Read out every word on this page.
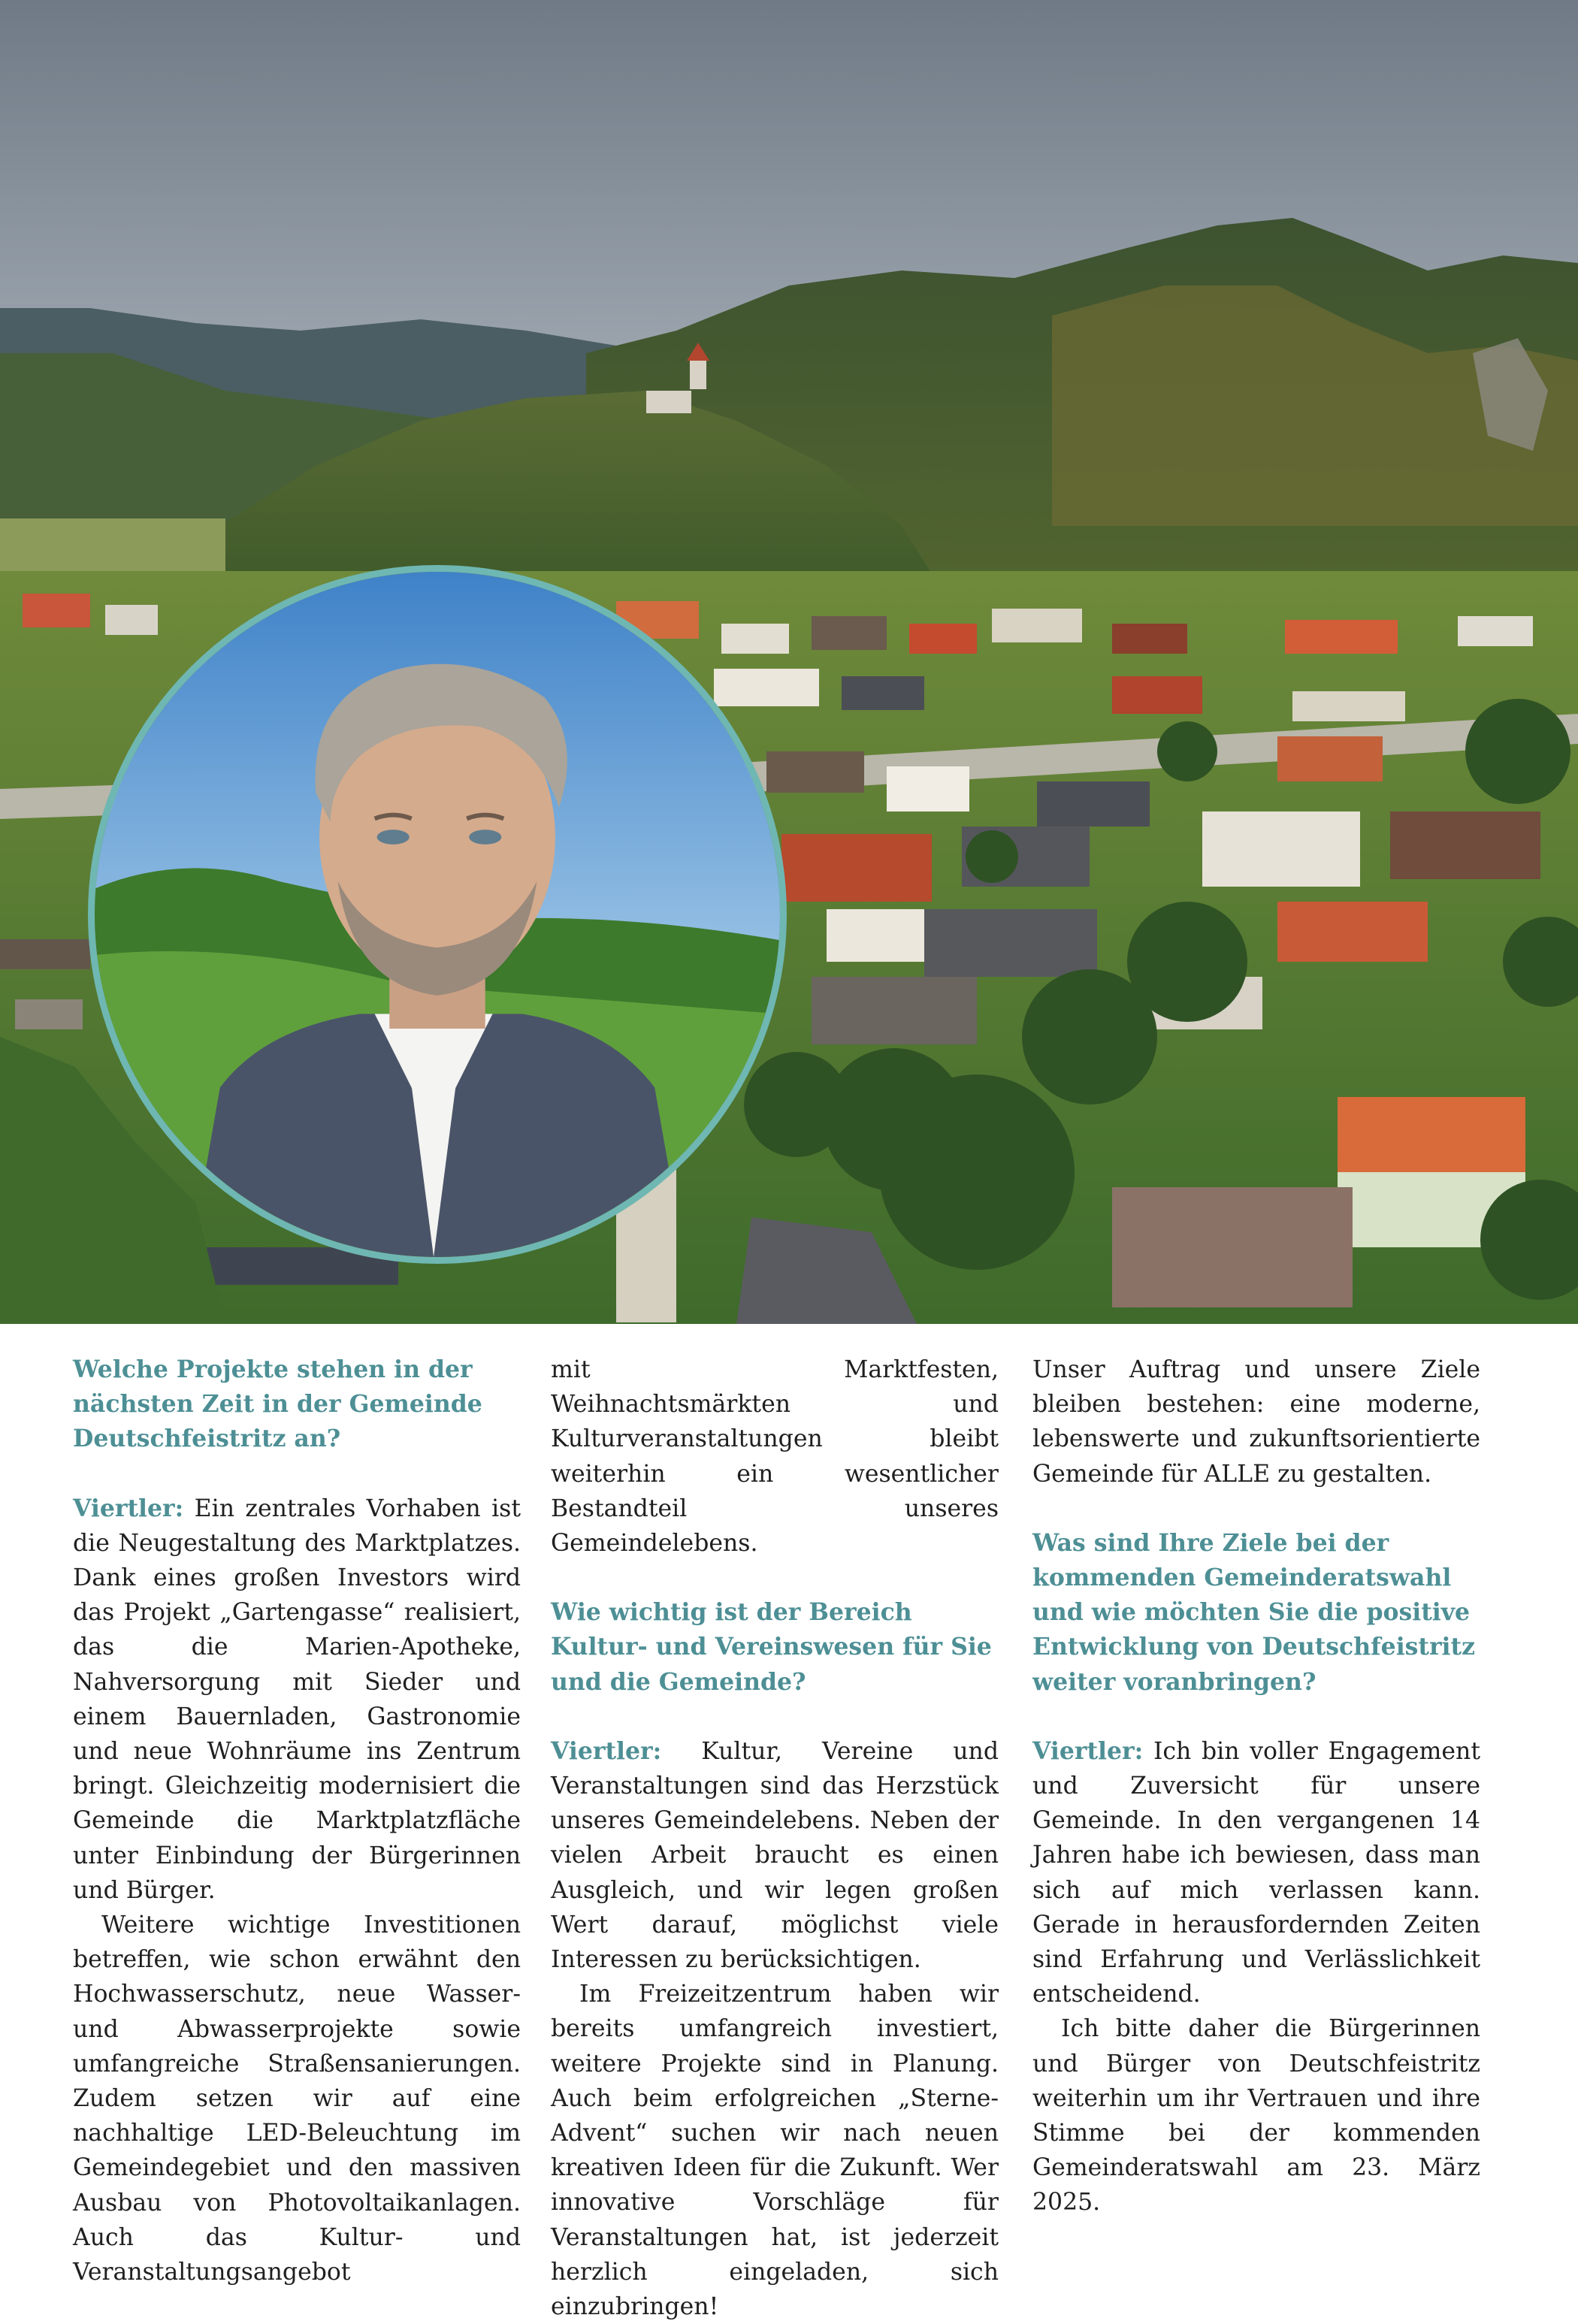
Welche Projekte stehen in der nächsten Zeit in der Gemeinde Deutschfeistritz an?

Viertler: Ein zentrales Vorhaben ist die Neugestaltung des Marktplatzes. Dank eines großen Investors wird das Projekt „Gartengasse“ realisiert, das die Marien-Apotheke, Nahversorgung mit Sieder und einem Bauernladen, Gastronomie und neue Wohnräume ins Zentrum bringt. Gleichzeitig modernisiert die Gemeinde die Marktplatzfläche unter Einbindung der Bürgerinnen und Bürger.

Weitere wichtige Investitionen betreffen, wie schon erwähnt den Hochwasserschutz, neue Wasser- und Abwasserprojekte sowie umfangreiche Straßensanierungen. Zudem setzen wir auf eine nachhaltige LED-Beleuchtung im Gemeindegebiet und den massiven Ausbau von Photovoltaikanlagen. Auch das Kultur- und Veranstaltungsangebot

mit Marktfesten, Weihnachtsmärkten und Kulturveranstaltungen bleibt weiterhin ein wesentlicher Bestandteil unseres Gemeindelebens.

Wie wichtig ist der Bereich Kultur- und Vereinswesen für Sie und die Gemeinde?

Viertler: Kultur, Vereine und Veranstaltungen sind das Herzstück unseres Gemeindelebens. Neben der vielen Arbeit braucht es einen Ausgleich, und wir legen großen Wert darauf, möglichst viele Interessen zu berücksichtigen.

Im Freizeitzentrum haben wir bereits umfangreich investiert, weitere Projekte sind in Planung. Auch beim erfolgreichen „Sterne-Advent“ suchen wir nach neuen kreativen Ideen für die Zukunft. Wer innovative Vorschläge für Veranstaltungen hat, ist jederzeit herzlich eingeladen, sich einzubringen!

Unser Auftrag und unsere Ziele bleiben bestehen: eine moderne, lebenswerte und zukunftsorientierte Gemeinde für ALLE zu gestalten.

Was sind Ihre Ziele bei der kommenden Gemeinderatswahl und wie möchten Sie die positive Entwicklung von Deutschfeistritz weiter voranbringen?

Viertler: Ich bin voller Engagement und Zuversicht für unsere Gemeinde. In den vergangenen 14 Jahren habe ich bewiesen, dass man sich auf mich verlassen kann. Gerade in herausfordernden Zeiten sind Erfahrung und Verlässlichkeit entscheidend.

Ich bitte daher die Bürgerinnen und Bürger von Deutschfeistritz weiterhin um ihr Vertrauen und ihre Stimme bei der kommenden Gemeinderatswahl am 23. März 2025.
